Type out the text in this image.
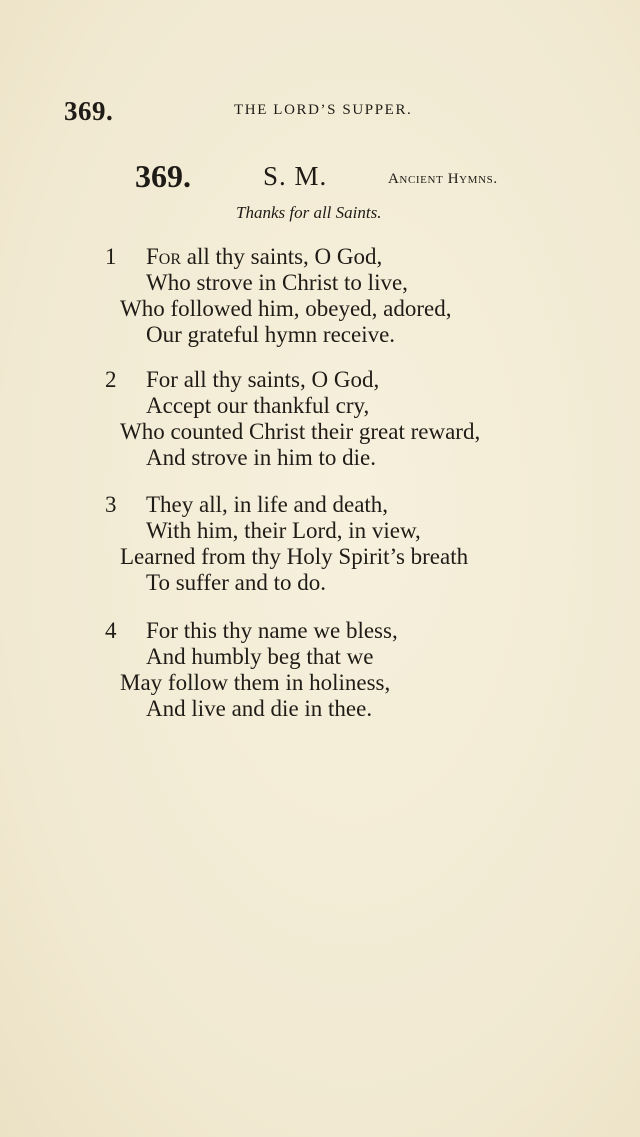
369.	THE LORD’S SUPPER.
369.	S. M.	Ancient Hymns.
Thanks for all Saints.
1 For all thy saints, O God,
Who strove in Christ to live,
Who followed him, obeyed, adored,
Our grateful hymn receive.
2 For all thy saints, O God,
Accept our thankful cry,
Who counted Christ their great reward,
And strove in him to die.
3 They all, in life and death,
With him, their Lord, in view,
Learned from thy Holy Spirit’s breath
To suffer and to do.
4 For this thy name we bless,
And humbly beg that we
May follow them in holiness,
And live and die in thee.
